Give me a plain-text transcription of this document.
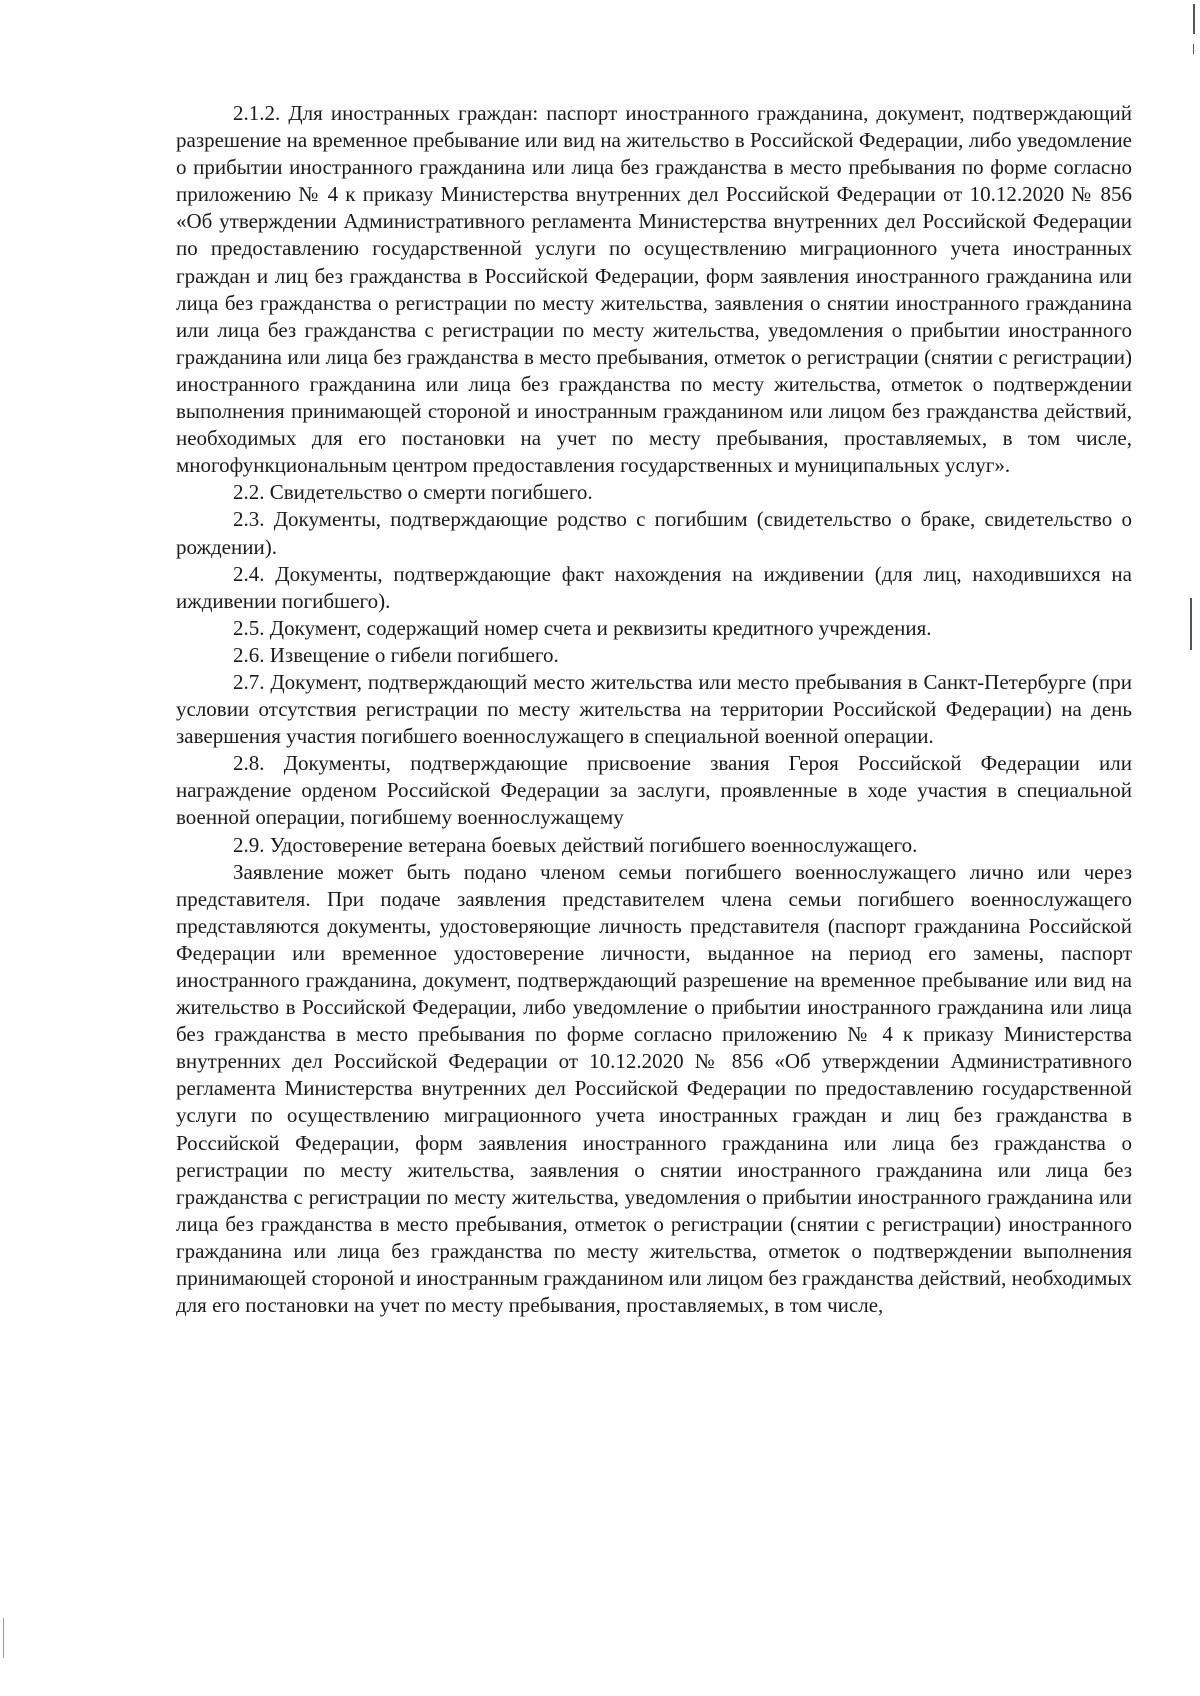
2.1.2. Для иностранных граждан: паспорт иностранного гражданина, документ, подтверждающий разрешение на временное пребывание или вид на жительство в Российской Федерации, либо уведомление о прибытии иностранного гражданина или лица без гражданства в место пребывания по форме согласно приложению № 4 к приказу Министерства внутренних дел Российской Федерации от 10.12.2020 № 856 «Об утверждении Административного регламента Министерства внутренних дел Российской Федерации по предоставлению государственной услуги по осуществлению миграционного учета иностранных граждан и лиц без гражданства в Российской Федерации, форм заявления иностранного гражданина или лица без гражданства о регистрации по месту жительства, заявления о снятии иностранного гражданина или лица без гражданства с регистрации по месту жительства, уведомления о прибытии иностранного гражданина или лица без гражданства в место пребывания, отметок о регистрации (снятии с регистрации) иностранного гражданина или лица без гражданства по месту жительства, отметок о подтверждении выполнения принимающей стороной и иностранным гражданином или лицом без гражданства действий, необходимых для его постановки на учет по месту пребывания, проставляемых, в том числе, многофункциональным центром предоставления государственных и муниципальных услуг».

2.2. Свидетельство о смерти погибшего.

2.3. Документы, подтверждающие родство с погибшим (свидетельство о браке, свидетельство о рождении).

2.4. Документы, подтверждающие факт нахождения на иждивении (для лиц, находившихся на иждивении погибшего).

2.5. Документ, содержащий номер счета и реквизиты кредитного учреждения.

2.6. Извещение о гибели погибшего.

2.7. Документ, подтверждающий место жительства или место пребывания в Санкт-Петербурге (при условии отсутствия регистрации по месту жительства на территории Российской Федерации) на день завершения участия погибшего военнослужащего в специальной военной операции.

2.8. Документы, подтверждающие присвоение звания Героя Российской Федерации или награждение орденом Российской Федерации за заслуги, проявленные в ходе участия в специальной военной операции, погибшему военнослужащему

2.9. Удостоверение ветерана боевых действий погибшего военнослужащего.

Заявление может быть подано членом семьи погибшего военнослужащего лично или через представителя. При подаче заявления представителем члена семьи погибшего военнослужащего представляются документы, удостоверяющие личность представителя (паспорт гражданина Российской Федерации или временное удостоверение личности, выданное на период его замены, паспорт иностранного гражданина, документ, подтверждающий разрешение на временное пребывание или вид на жительство в Российской Федерации, либо уведомление о прибытии иностранного гражданина или лица без гражданства в место пребывания по форме согласно приложению № 4 к приказу Министерства внутренних дел Российской Федерации от 10.12.2020 № 856 «Об утверждении Административного регламента Министерства внутренних дел Российской Федерации по предоставлению государственной услуги по осуществлению миграционного учета иностранных граждан и лиц без гражданства в Российской Федерации, форм заявления иностранного гражданина или лица без гражданства о регистрации по месту жительства, заявления о снятии иностранного гражданина или лица без гражданства с регистрации по месту жительства, уведомления о прибытии иностранного гражданина или лица без гражданства в место пребывания, отметок о регистрации (снятии с регистрации) иностранного гражданина или лица без гражданства по месту жительства, отметок о подтверждении выполнения принимающей стороной и иностранным гражданином или лицом без гражданства действий, необходимых для его постановки на учет по месту пребывания, проставляемых, в том числе,
